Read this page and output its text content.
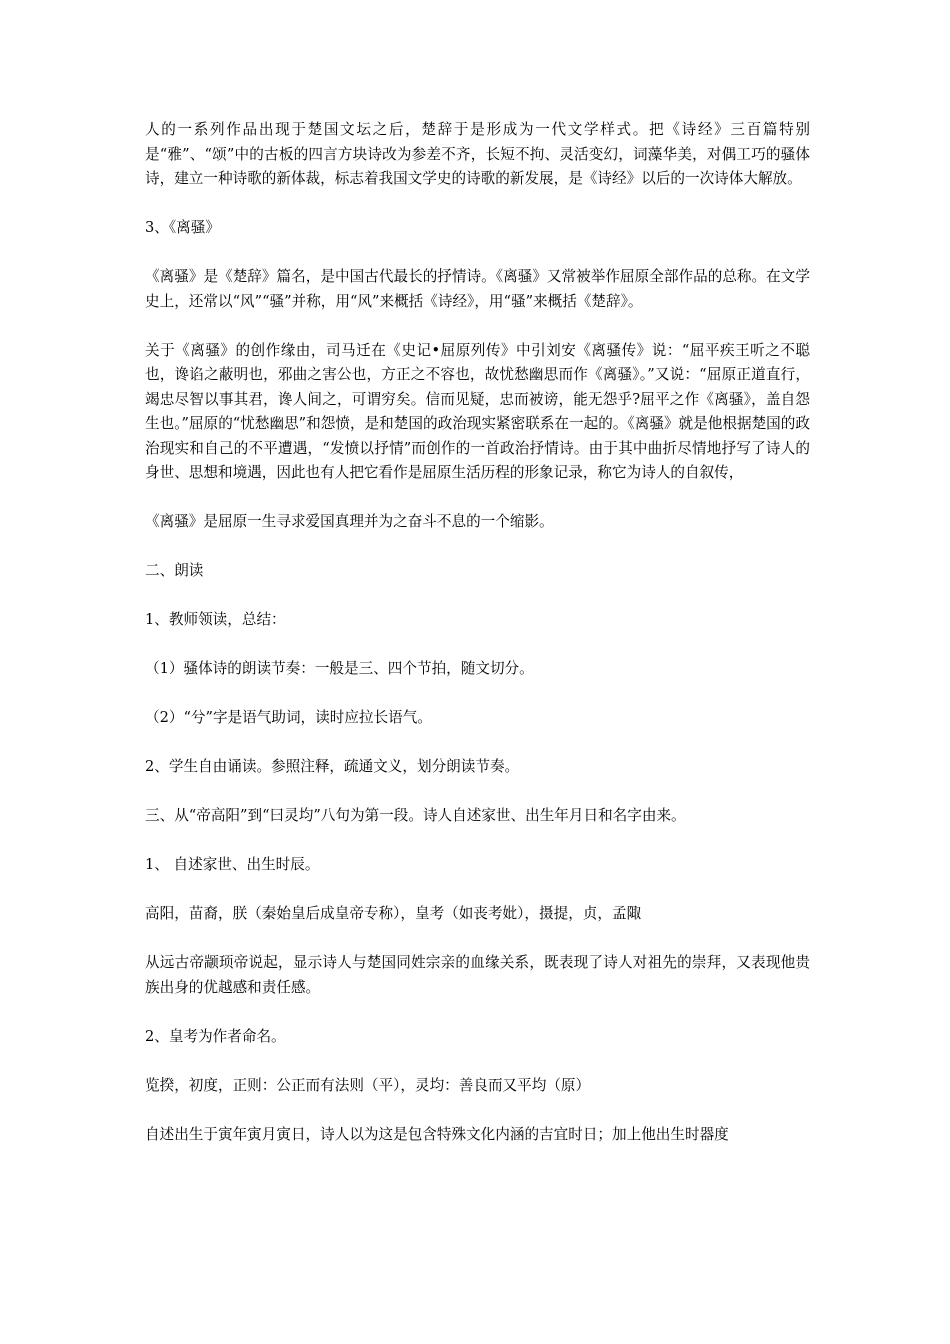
人的一系列作品出现于楚国文坛之后，楚辞于是形成为一代文学样式。把《诗经》三百篇特别是“雅”、“颂”中的古板的四言方块诗改为参差不齐，长短不拘、灵活变幻，词藻华美，对偶工巧的骚体诗，建立一种诗歌的新体裁，标志着我国文学史的诗歌的新发展，是《诗经》以后的一次诗体大解放。

3、《离骚》

《离骚》是《楚辞》篇名，是中国古代最长的抒情诗。《离骚》又常被举作屈原全部作品的总称。在文学史上，还常以“风”“骚”并称，用“风”来概括《诗经》，用“骚”来概括《楚辞》。

关于《离骚》的创作缘由，司马迁在《史记•屈原列传》中引刘安《离骚传》说：“屈平疾王听之不聪也，谗谄之蔽明也，邪曲之害公也，方正之不容也，故忧愁幽思而作《离骚》。”又说：“屈原正道直行，竭忠尽智以事其君，谗人间之，可谓穷矣。信而见疑，忠而被谤，能无怨乎?屈平之作《离骚》，盖自怨生也。”屈原的“忧愁幽思”和怨愤，是和楚国的政治现实紧密联系在一起的。《离骚》就是他根据楚国的政治现实和自己的不平遭遇，“发愤以抒情”而创作的一首政治抒情诗。由于其中曲折尽情地抒写了诗人的身世、思想和境遇，因此也有人把它看作是屈原生活历程的形象记录，称它为诗人的自叙传，

《离骚》是屈原一生寻求爱国真理并为之奋斗不息的一个缩影。

二、朗读

1、教师领读，总结：

（1）骚体诗的朗读节奏：一般是三、四个节拍，随文切分。

（2）“兮”字是语气助词，读时应拉长语气。

2、学生自由诵读。参照注释，疏通文义，划分朗读节奏。

三、从“帝高阳”到“曰灵均”八句为第一段。诗人自述家世、出生年月日和名字由来。

1、 自述家世、出生时辰。

高阳，苗裔，朕（秦始皇后成皇帝专称），皇考（如丧考妣），摄提，贞，孟陬

从远古帝颛顼帝说起，显示诗人与楚国同姓宗亲的血缘关系，既表现了诗人对祖先的崇拜，又表现他贵族出身的优越感和责任感。

2、皇考为作者命名。

览揆，初度，正则：公正而有法则（平），灵均：善良而又平均（原）

自述出生于寅年寅月寅日，诗人以为这是包含特殊文化内涵的吉宜时日；加上他出生时器度
